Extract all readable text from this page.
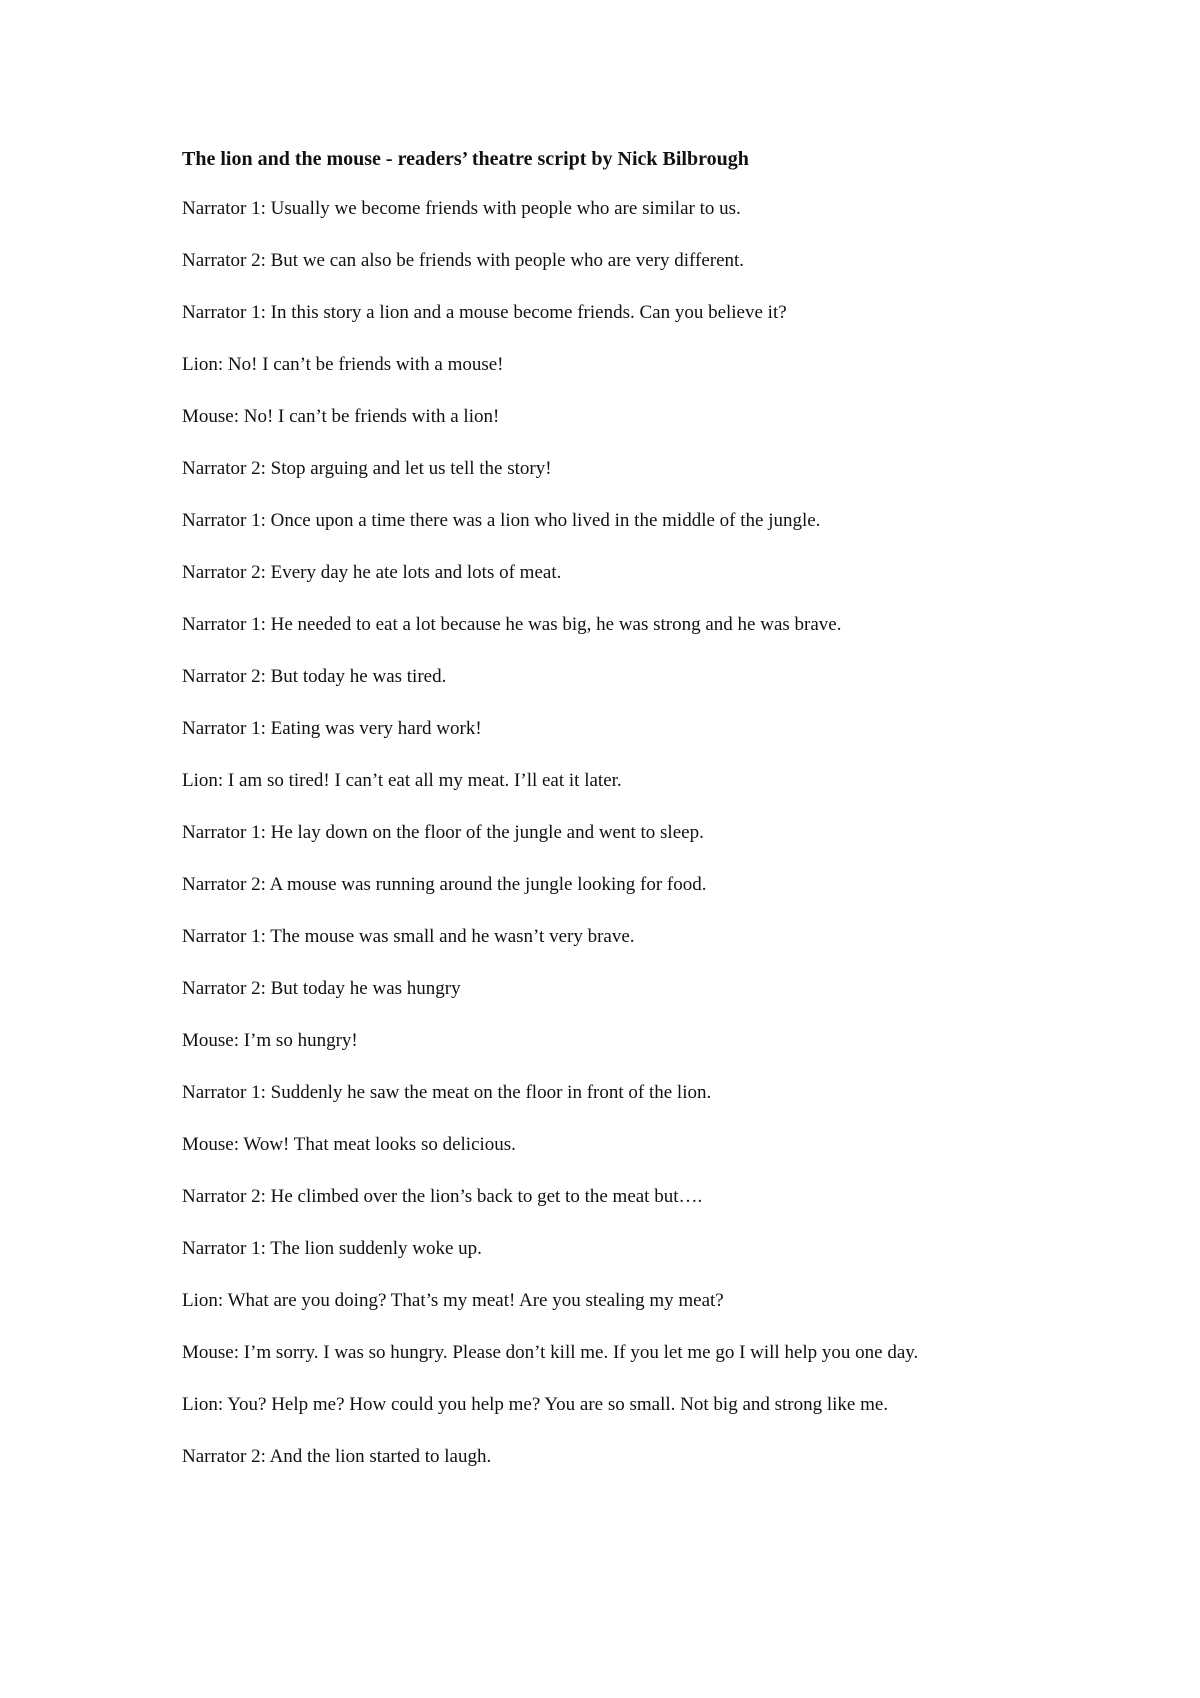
The lion and the mouse - readers’ theatre script by Nick Bilbrough

Narrator 1: Usually we become friends with people who are similar to us.

Narrator 2: But we can also be friends with people who are very different.

Narrator 1: In this story a lion and a mouse become friends. Can you believe it?

Lion: No! I can’t be friends with a mouse!

Mouse: No! I can’t be friends with a lion!

Narrator 2: Stop arguing and let us tell the story!

Narrator 1: Once upon a time there was a lion who lived in the middle of the jungle.

Narrator 2: Every day he ate lots and lots of meat.

Narrator 1: He needed to eat a lot because he was big, he was strong and he was brave.

Narrator 2: But today he was tired.

Narrator 1: Eating was very hard work!

Lion: I am so tired! I can’t eat all my meat. I’ll eat it later.

Narrator 1: He lay down on the floor of the jungle and went to sleep.

Narrator 2: A mouse was running around the jungle looking for food.

Narrator 1: The mouse was small and he wasn’t very brave.

Narrator 2: But today he was hungry

Mouse: I’m so hungry!

Narrator 1: Suddenly he saw the meat on the floor in front of the lion.

Mouse: Wow! That meat looks so delicious.

Narrator 2: He climbed over the lion’s back to get to the meat but….

Narrator 1: The lion suddenly woke up.

Lion: What are you doing? That’s my meat! Are you stealing my meat?

Mouse: I’m sorry. I was so hungry. Please don’t kill me. If you let me go I will help you one day.

Lion: You? Help me? How could you help me? You are so small. Not big and strong like me.

Narrator 2: And the lion started to laugh.
